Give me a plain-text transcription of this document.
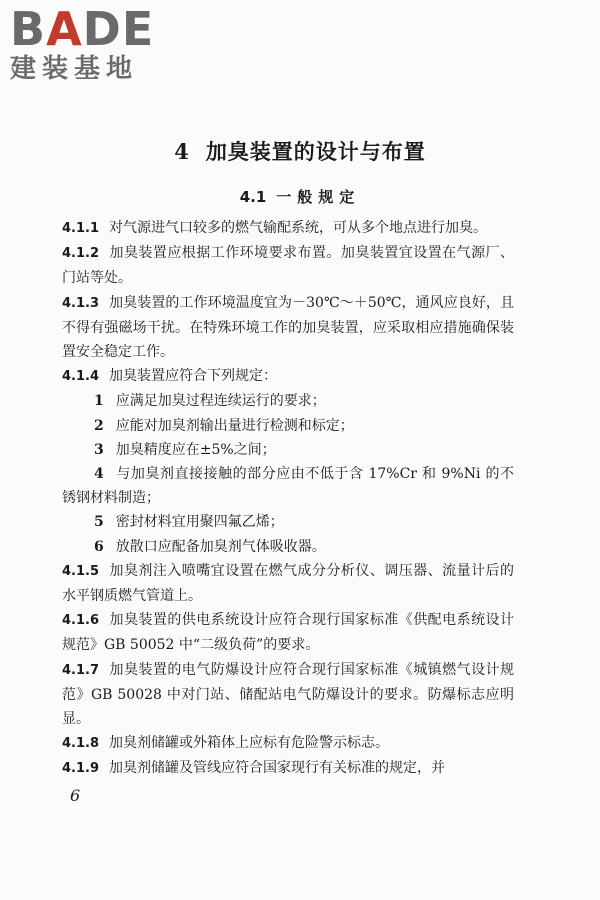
BADE
建装基地
4 加臭装置的设计与布置
4.1 一般规定
4.1.1 对气源进气口较多的燃气输配系统，可从多个地点进行加臭。
4.1.2 加臭装置应根据工作环境要求布置。加臭装置宜设置在气源厂、门站等处。
4.1.3 加臭装置的工作环境温度宜为－30℃～＋50℃，通风应良好，且不得有强磁场干扰。在特殊环境工作的加臭装置，应采取相应措施确保装置安全稳定工作。
4.1.4 加臭装置应符合下列规定：
1 应满足加臭过程连续运行的要求；
2 应能对加臭剂输出量进行检测和标定；
3 加臭精度应在±5%之间；
4 与加臭剂直接接触的部分应由不低于含 17%Cr 和 9%Ni 的不锈钢材料制造；
5 密封材料宜用聚四氟乙烯；
6 放散口应配备加臭剂气体吸收器。
4.1.5 加臭剂注入喷嘴宜设置在燃气成分分析仪、调压器、流量计后的水平钢质燃气管道上。
4.1.6 加臭装置的供电系统设计应符合现行国家标准《供配电系统设计规范》GB 50052 中“二级负荷”的要求。
4.1.7 加臭装置的电气防爆设计应符合现行国家标准《城镇燃气设计规范》GB 50028 中对门站、储配站电气防爆设计的要求。防爆标志应明显。
4.1.8 加臭剂储罐或外箱体上应标有危险警示标志。
4.1.9 加臭剂储罐及管线应符合国家现行有关标准的规定，并
6
